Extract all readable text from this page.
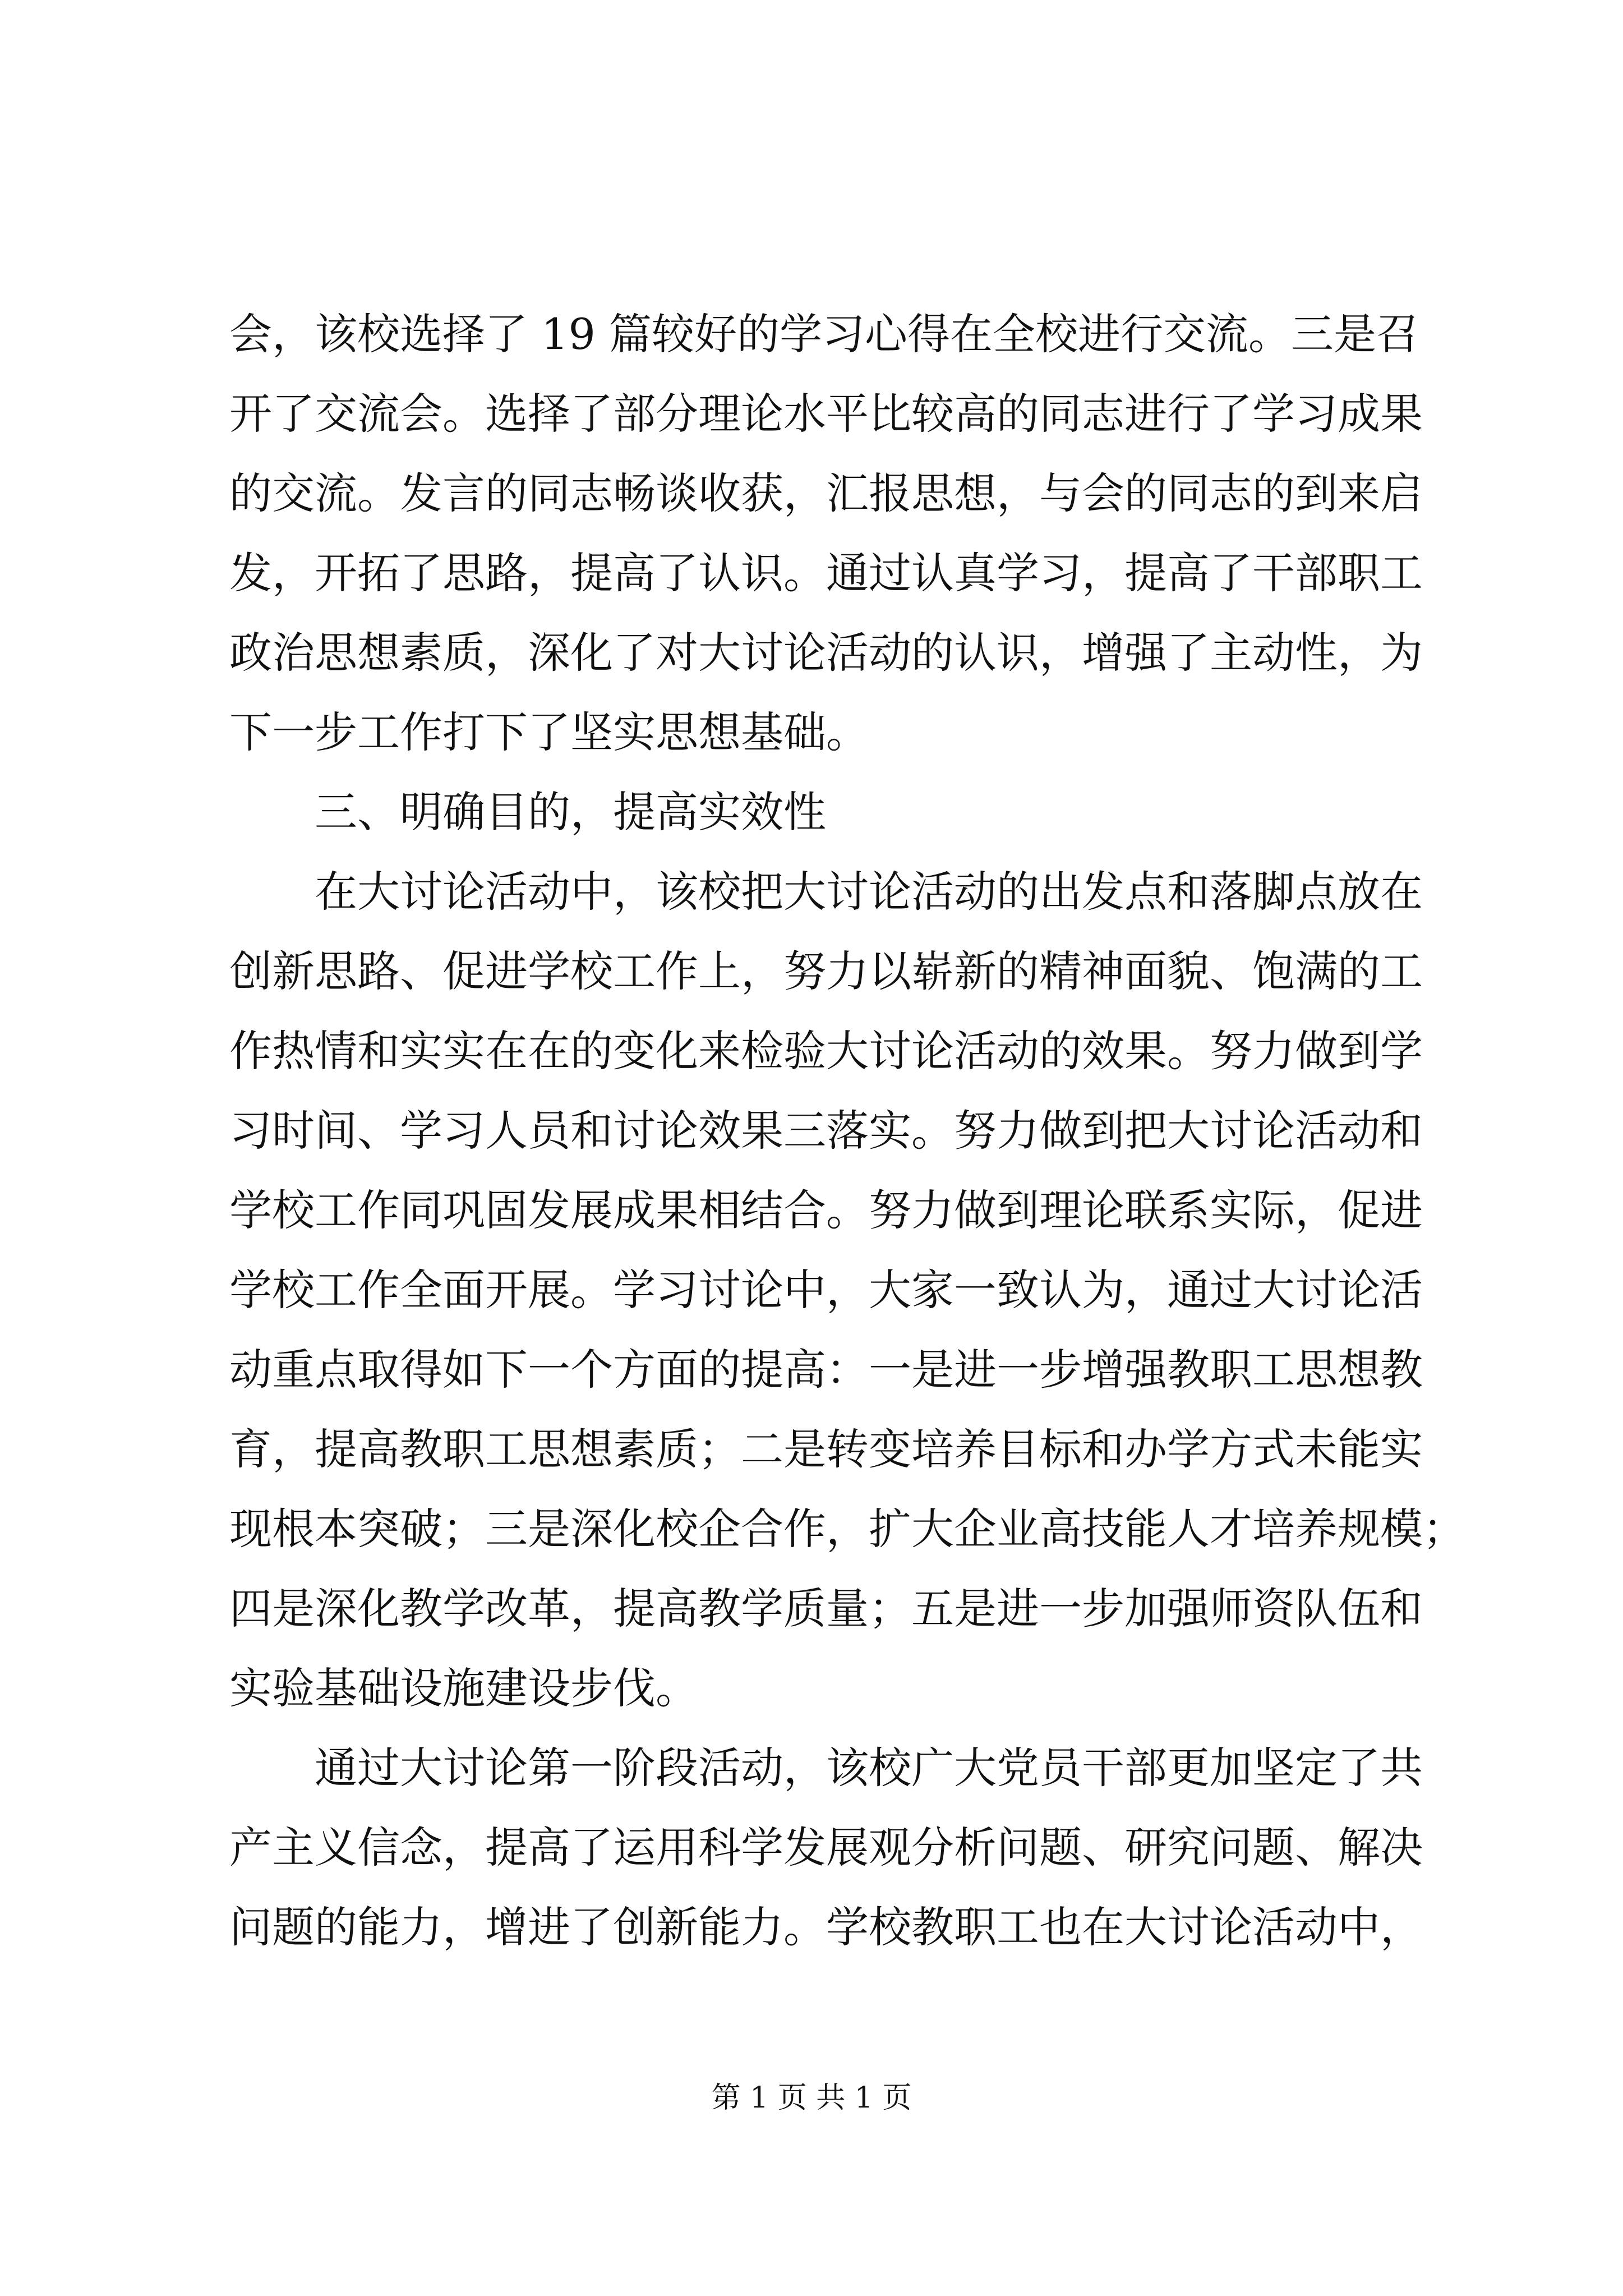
会，该校选择了 19 篇较好的学习心得在全校进行交流。三是召
开了交流会。选择了部分理论水平比较高的同志进行了学习成果
的交流。发言的同志畅谈收获，汇报思想，与会的同志的到来启
发，开拓了思路，提高了认识。通过认真学习，提高了干部职工
政治思想素质，深化了对大讨论活动的认识，增强了主动性，为
下一步工作打下了坚实思想基础。
三、明确目的，提高实效性
在大讨论活动中，该校把大讨论活动的出发点和落脚点放在
创新思路、促进学校工作上，努力以崭新的精神面貌、饱满的工
作热情和实实在在的变化来检验大讨论活动的效果。努力做到学
习时间、学习人员和讨论效果三落实。努力做到把大讨论活动和
学校工作同巩固发展成果相结合。努力做到理论联系实际，促进
学校工作全面开展。学习讨论中，大家一致认为，通过大讨论活
动重点取得如下一个方面的提高：一是进一步增强教职工思想教
育，提高教职工思想素质；二是转变培养目标和办学方式未能实
现根本突破；三是深化校企合作，扩大企业高技能人才培养规模；
四是深化教学改革，提高教学质量；五是进一步加强师资队伍和
实验基础设施建设步伐。
通过大讨论第一阶段活动，该校广大党员干部更加坚定了共
产主义信念，提高了运用科学发展观分析问题、研究问题、解决
问题的能力，增进了创新能力。学校教职工也在大讨论活动中，
第 1 页 共 1 页
